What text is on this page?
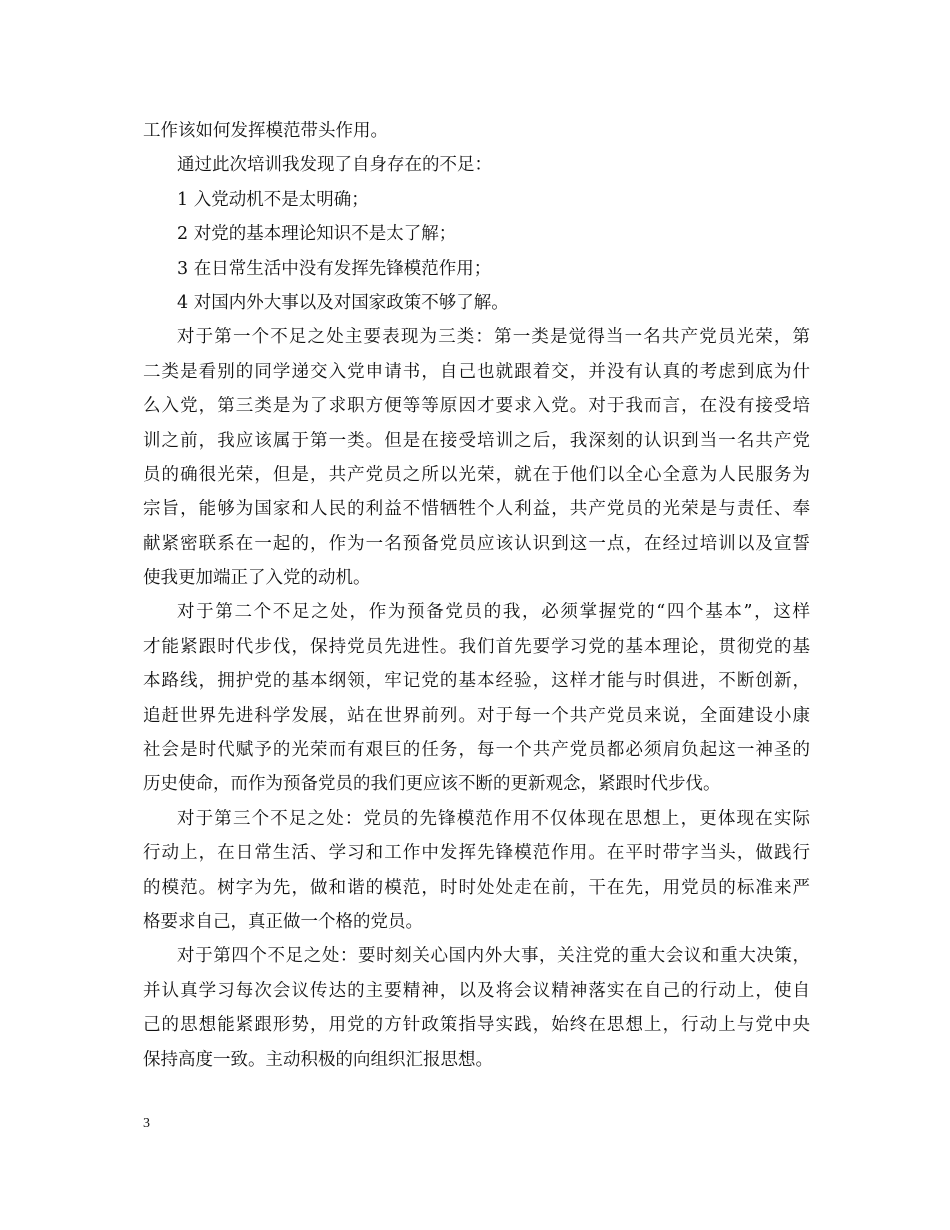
工作该如何发挥模范带头作用。
通过此次培训我发现了自身存在的不足：
1 入党动机不是太明确；
2 对党的基本理论知识不是太了解；
3 在日常生活中没有发挥先锋模范作用；
4 对国内外大事以及对国家政策不够了解。
对于第一个不足之处主要表现为三类：第一类是觉得当一名共产党员光荣，第
二类是看别的同学递交入党申请书，自己也就跟着交，并没有认真的考虑到底为什
么入党，第三类是为了求职方便等等原因才要求入党。对于我而言，在没有接受培
训之前，我应该属于第一类。但是在接受培训之后，我深刻的认识到当一名共产党
员的确很光荣，但是，共产党员之所以光荣，就在于他们以全心全意为人民服务为
宗旨，能够为国家和人民的利益不惜牺牲个人利益，共产党员的光荣是与责任、奉
献紧密联系在一起的，作为一名预备党员应该认识到这一点，在经过培训以及宣誓
使我更加端正了入党的动机。
对于第二个不足之处，作为预备党员的我，必须掌握党的“四个基本”，这样
才能紧跟时代步伐，保持党员先进性。我们首先要学习党的基本理论，贯彻党的基
本路线，拥护党的基本纲领，牢记党的基本经验，这样才能与时俱进，不断创新，
追赶世界先进科学发展，站在世界前列。对于每一个共产党员来说，全面建设小康
社会是时代赋予的光荣而有艰巨的任务，每一个共产党员都必须肩负起这一神圣的
历史使命，而作为预备党员的我们更应该不断的更新观念，紧跟时代步伐。
对于第三个不足之处：党员的先锋模范作用不仅体现在思想上，更体现在实际
行动上，在日常生活、学习和工作中发挥先锋模范作用。在平时带字当头，做践行
的模范。树字为先，做和谐的模范，时时处处走在前，干在先，用党员的标准来严
格要求自己，真正做一个格的党员。
对于第四个不足之处：要时刻关心国内外大事，关注党的重大会议和重大决策，
并认真学习每次会议传达的主要精神，以及将会议精神落实在自己的行动上，使自
己的思想能紧跟形势，用党的方针政策指导实践，始终在思想上，行动上与党中央
保持高度一致。主动积极的向组织汇报思想。
3
